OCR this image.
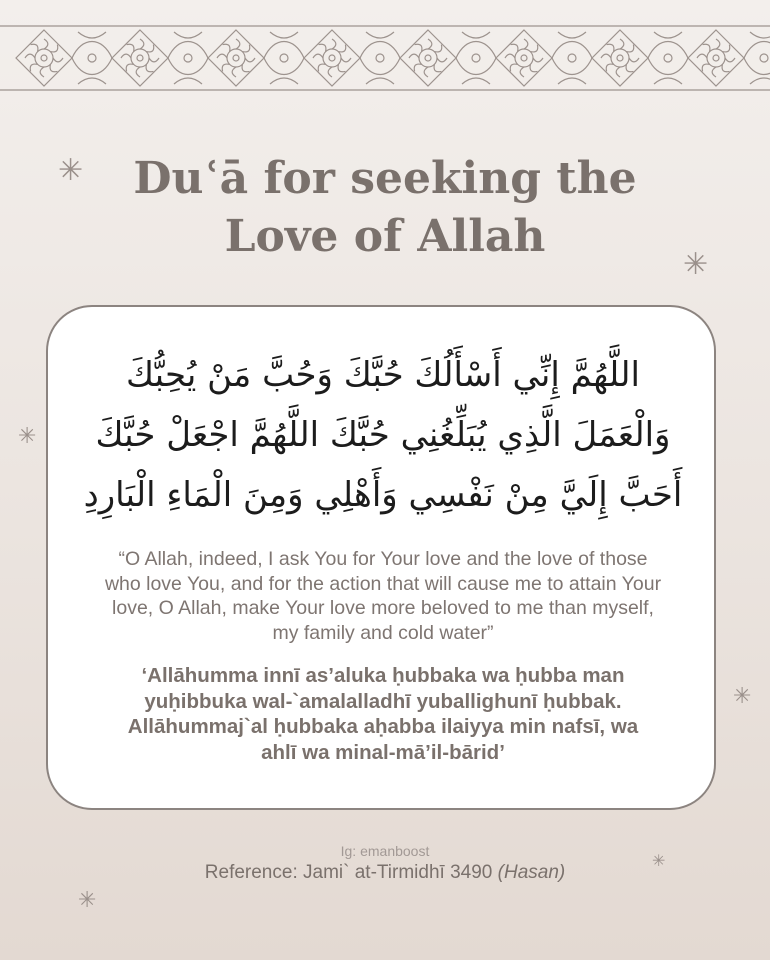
✳
✳
✳
✳
✳
✳
Duʿā for seeking the
Love of Allah
اللَّهُمَّ إِنِّي أَسْأَلُكَ حُبَّكَ وَحُبَّ مَنْ يُحِبُّكَ
وَالْعَمَلَ الَّذِي يُبَلِّغُنِي حُبَّكَ اللَّهُمَّ اجْعَلْ حُبَّكَ
أَحَبَّ إِلَيَّ مِنْ نَفْسِي وَأَهْلِي وَمِنَ الْمَاءِ الْبَارِدِ
“O Allah, indeed, I ask You for Your love and the love of those
who love You, and for the action that will cause me to attain Your
love, O Allah, make Your love more beloved to me than myself,
my family and cold water”
‘Allāhumma innī as’aluka ḥubbaka wa ḥubba man
yuḥibbuka wal-`amalalladhī yuballighunī ḥubbak.
Allāhummaj`al ḥubbaka aḥabba ilaiyya min nafsī, wa
ahlī wa minal-mā’il-bārid’
Ig: emanboost
Reference: Jami` at-Tirmidhī 3490 (Hasan)
